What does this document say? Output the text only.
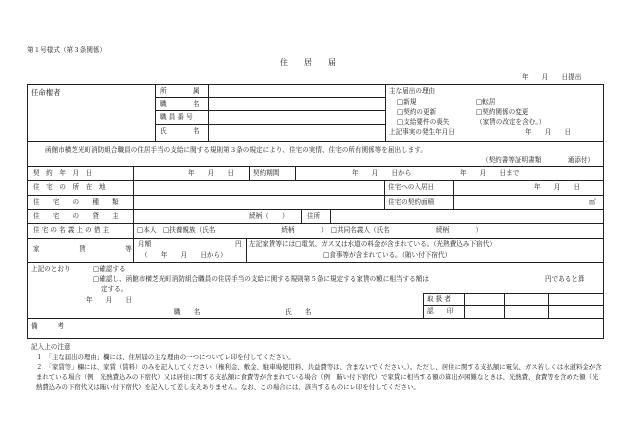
第１号様式（第３条関係）
住　　居　　届
年　　月　　日提出
任命権者	所　　　　属
職　　　　名
職 員 番 号
氏　　　　名
主な届出の理由
□新規	□転居
□契約の更新	□契約関係の変更
□支給要件の喪失	（家賃の改定を含む。）
上記事実の発生年月日	年　　月　　日
函館市横芝光町消防組合職員の住居手当の支給に関する規則第３条の規定により、住宅の実情、住宅の所有関係等を届出します。
（契約書等証明書類　　　　通添付）
契　約　年　月　日	年　　月　　日	契約期間	年　　月　　日から	年　　月　　日まで
住　宅　の　所　在　地	住宅への入居日	年　　月　　日
住　　宅　　の　　種　　類	住宅の契約面積	㎡
住　　宅　　の　　貸　　主	続柄（　　）	住所
住 宅 の 名 義 上 の 借 主	□本人　□扶養親族（氏名　　　　　　　　　　続柄　　　　）　□共同名義人（氏名　　　　　　　続柄　　　　）
家　　　　　　賃　　　　　　等
月額	円
（　　年　　月　　日から）
左記家賃等には□電気、ガス又は水道の料金が含まれている。（光熱費込み下宿代）
□食事等が含まれている。（賄い付下宿代）
上記のとおり	□確認する
□確認し、函館市横芝光町消防組合職員の住居手当の支給に関する規則第５条に規定する家賃の額に相当する額は	円であると算
定する。
年　　月　　日
職　　名	氏　　名
取 扱 者
認　　印
備　　　考
記入上の注意
１　「主な届出の理由」欄には、住居届の主な理由の一つについてレ印を付してください。
２　「家賃等」欄には、家賃（賃料）のみを記入してください（権利金、敷金、駐車場使用料、共益費等は、含まないでください。）。ただし、居住に関する支払額に電気、ガス若しくは水道料金が含まれている場合（例　光熱費込みの下宿代）又は居住に関する支払額に食費等が含まれている場合（例　賄い付下宿代）で家賃に相当する額の算出が困難なときは、光熱費、食費等を含めた額（光熱費込みの下宿代又は賄い付下宿代）を記入して差し支えありません。なお、この場合には、該当するものにレ印を付してください。
